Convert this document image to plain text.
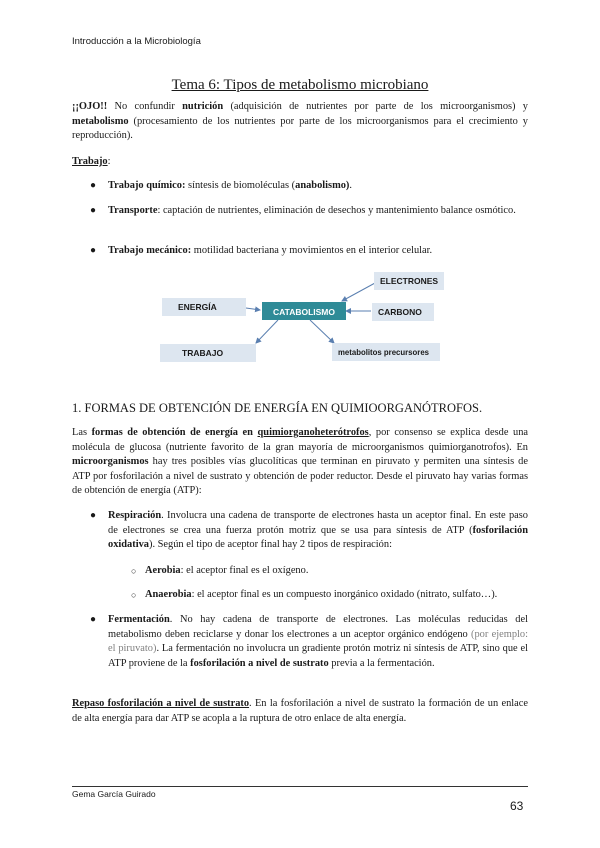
Introducción a la Microbiología
Tema 6: Tipos de metabolismo microbiano
¡¡OJO!! No confundir nutrición (adquisición de nutrientes por parte de los microorganismos) y metabolismo (procesamiento de los nutrientes por parte de los microorganismos para el crecimiento y reproducción).
Trabajo:
● Trabajo químico: síntesis de biomoléculas (anabolismo).
● Transporte: captación de nutrientes, eliminación de desechos y mantenimiento balance osmótico.
● Trabajo mecánico: motilidad bacteriana y movimientos en el interior celular.
ENERGÍA	CATABOLISMO
ELECTRONES
CARBONO
TRABAJO	metabolitos precursores
1. FORMAS DE OBTENCIÓN DE ENERGÍA EN QUIMIOORGANÓTROFOS.
Las formas de obtención de energía en quimiorganoheterótrofos, por consenso se explica desde una molécula de glucosa (nutriente favorito de la gran mayoría de microorganismos quimiorganotrofos). En microorganismos hay tres posibles vías glucolíticas que terminan en piruvato y permiten una síntesis de ATP por fosforilación a nivel de sustrato y obtención de poder reductor. Desde el piruvato hay varias formas de obtención de energía (ATP):
● Respiración. Involucra una cadena de transporte de electrones hasta un aceptor final. En este paso de electrones se crea una fuerza protón motriz que se usa para síntesis de ATP (fosforilación oxidativa). Según el tipo de aceptor final hay 2 tipos de respiración:
○ Aerobia: el aceptor final es el oxígeno.
○ Anaerobia: el aceptor final es un compuesto inorgánico oxidado (nitrato, sulfato…).
● Fermentación. No hay cadena de transporte de electrones. Las moléculas reducidas del metabolismo deben reciclarse y donar los electrones a un aceptor orgánico endógeno (por ejemplo: el piruvato). La fermentación no involucra un gradiente protón motriz ni síntesis de ATP, sino que el ATP proviene de la fosforilación a nivel de sustrato previa a la fermentación.
Repaso fosforilación a nivel de sustrato. En la fosforilación a nivel de sustrato la formación de un enlace de alta energía para dar ATP se acopla a la ruptura de otro enlace de alta energía.
Gema García Guirado
63
